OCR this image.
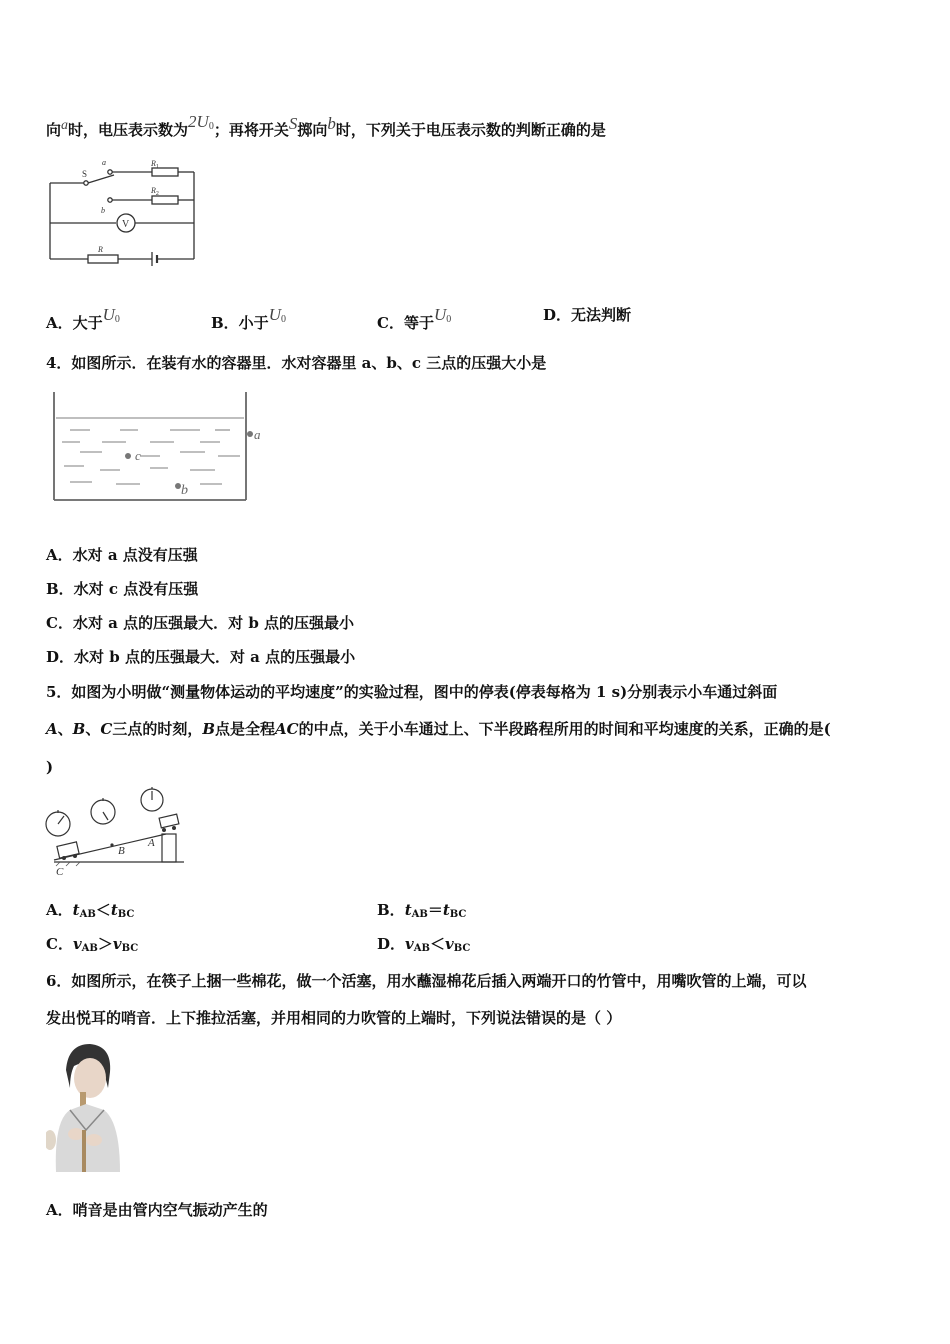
向a时，电压表示数为$2U_0$；再将开关S掷向b时，下列关于电压表示数的判断正确的是
S
a
b
$R_1$
$R_2$
V
R
A．大于$U_0$	B．小于$U_0$	C．等于$U_0$	D．无法判断
4．如图所示．在装有水的容器里．水对容器里 a、b、c 三点的压强大小是
a
c
b
A．水对 a 点没有压强
B．水对 c 点没有压强
C．水对 a 点的压强最大．对 b 点的压强最小
D．水对 b 点的压强最大．对 a 点的压强最小
5．如图为小明做“测量物体运动的平均速度”的实验过程，图中的停表(停表每格为 1 s)分别表示小车通过斜面
A、B、C三点的时刻，B点是全程AC的中点，关于小车通过上、下半段路程所用的时间和平均速度的关系，正确的是(
)
A
B
C
A．$t_{AB}<t_{BC}$	B．$t_{AB}=t_{BC}$
C．$v_{AB}>v_{BC}$	D．$v_{AB}<v_{BC}$
6．如图所示，在筷子上捆一些棉花，做一个活塞，用水蘸湿棉花后插入两端开口的竹管中，用嘴吹管的上端，可以
发出悦耳的哨音．上下推拉活塞，并用相同的力吹管的上端时，下列说法错误的是（ ）
A．哨音是由管内空气振动产生的
